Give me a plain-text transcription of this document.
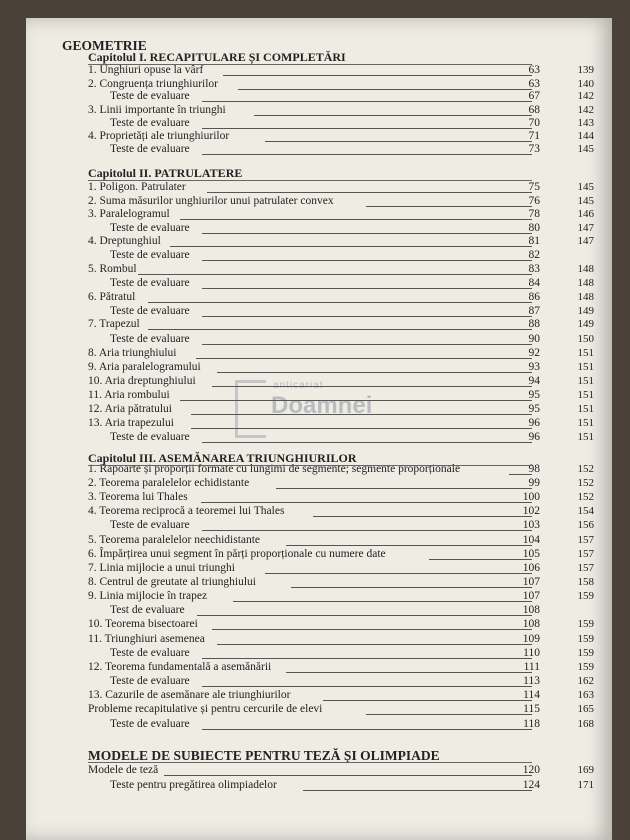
anticariat
Doamnei
1. Unghiuri opuse la vârf	63	139
2. Congruența triunghiurilor	63	140
Teste de evaluare	67	142
3. Linii importante în triunghi	68	142
Teste de evaluare	70	143
4. Proprietăți ale triunghiurilor	71	144
Teste de evaluare	73	145
1. Poligon. Patrulater	75	145
2. Suma măsurilor unghiurilor unui patrulater convex	76	145
3. Paralelogramul	78	146
Teste de evaluare	80	147
4. Dreptunghiul	81	147
Teste de evaluare	82
5. Rombul	83	148
Teste de evaluare	84	148
6. Pătratul	86	148
Teste de evaluare	87	149
7. Trapezul	88	149
Teste de evaluare	90	150
8. Aria triunghiului	92	151
9. Aria paralelogramului	93	151
10. Aria dreptunghiului	94	151
11. Aria rombului	95	151
12. Aria pătratului	95	151
13. Aria trapezului	96	151
Teste de evaluare	96	151
1. Rapoarte și proporții formate cu lungimi de segmente; segmente proporționale	98	152
2. Teorema paralelelor echidistante	99	152
3. Teorema lui Thales	100	152
4. Teorema reciprocă a teoremei lui Thales	102	154
Teste de evaluare	103	156
5. Teorema paralelelor neechidistante	104	157
6. Împărțirea unui segment în părți proporționale cu numere date	105	157
7. Linia mijlocie a unui triunghi	106	157
8. Centrul de greutate al triunghiului	107	158
9. Linia mijlocie în trapez	107	159
Test de evaluare	108
10. Teorema bisectoarei	108	159
11. Triunghiuri asemenea	109	159
Teste de evaluare	110	159
12. Teorema fundamentală a asemănării	111	159
Teste de evaluare	113	162
13. Cazurile de asemănare ale triunghiurilor	114	163
Probleme recapitulative și pentru cercurile de elevi	115	165
Teste de evaluare	118	168
Modele de teză	120	169
Teste pentru pregătirea olimpiadelor	124	171
GEOMETRIE
Capitolul I. RECAPITULARE ȘI COMPLETĂRI
Capitolul II. PATRULATERE
Capitolul III. ASEMĂNAREA TRIUNGHIURILOR
MODELE DE SUBIECTE PENTRU TEZĂ ȘI OLIMPIADE
